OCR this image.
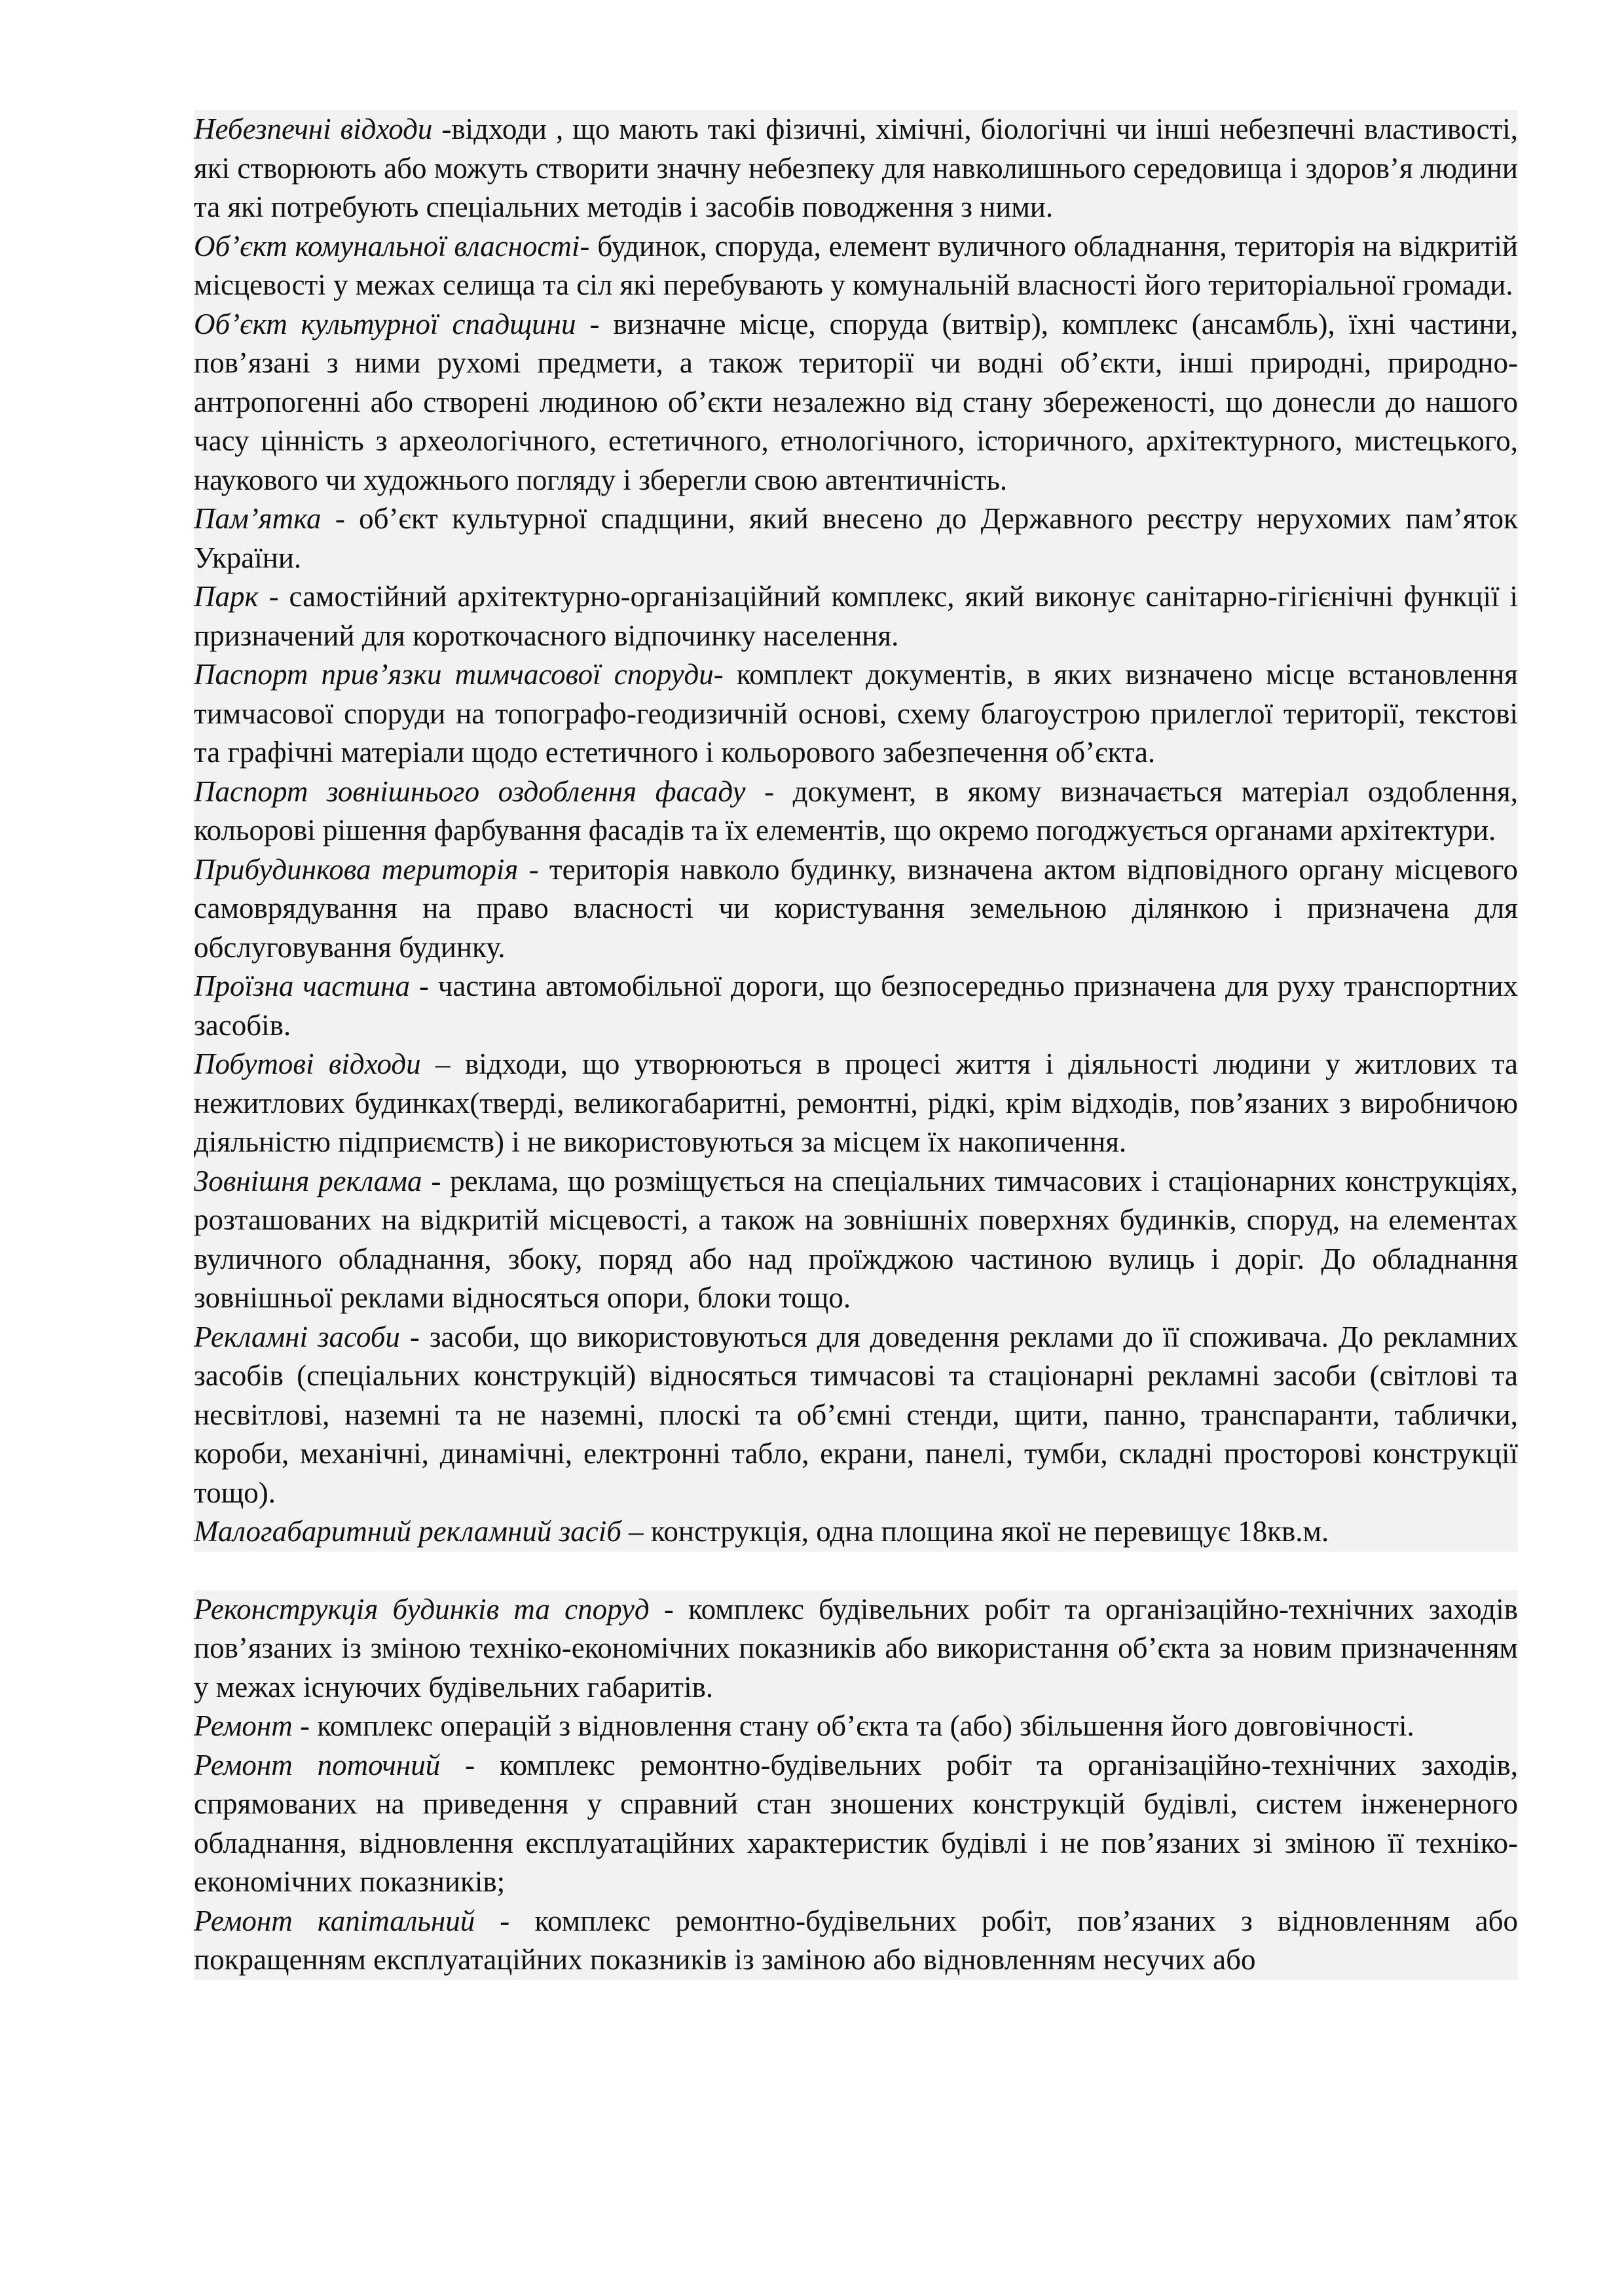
Небезпечні відходи -відходи , що мають такі фізичні, хімічні, біологічні чи інші небезпечні властивості, які створюють або можуть створити значну небезпеку для навколишнього середовища і здоров’я людини та які потребують спеціальних методів і засобів поводження з ними.

Об’єкт комунальної власності- будинок, споруда, елемент вуличного обладнання, територія на відкритій місцевості у межах селища та сіл які перебувають у комунальній власності його територіальної громади.

Об’єкт культурної спадщини - визначне місце, споруда (витвір), комплекс (ансамбль), їхні частини, пов’язані з ними рухомі предмети, а також території чи водні об’єкти, інші природні, природно-антропогенні або створені людиною об’єкти незалежно від стану збереженості, що донесли до нашого часу цінність з археологічного, естетичного, етнологічного, історичного, архітектурного, мистецького, наукового чи художнього погляду і зберегли свою автентичність.

Пам’ятка - об’єкт культурної спадщини, який внесено до Державного реєстру нерухомих пам’яток України.

Парк - самостійний архітектурно-організаційний комплекс, який виконує санітарно-гігієнічні функції і призначений для короткочасного відпочинку населення.

Паспорт прив’язки тимчасової споруди- комплект документів, в яких визначено місце встановлення тимчасової споруди на топографо-геодизичній основі, схему благоустрою прилеглої території, текстові та графічні матеріали щодо естетичного і кольорового забезпечення об’єкта.

Паспорт зовнішнього оздоблення фасаду - документ, в якому визначається матеріал оздоблення, кольорові рішення фарбування фасадів та їх елементів, що окремо погоджується органами архітектури.

Прибудинкова територія - територія навколо будинку, визначена актом відповідного органу місцевого самоврядування на право власності чи користування земельною ділянкою і призначена для обслуговування будинку.

Проїзна частина - частина автомобільної дороги, що безпосередньо призначена для руху транспортних засобів.

Побутові відходи – відходи, що утворюються в процесі життя і діяльності людини у житлових та нежитлових будинках(тверді, великогабаритні, ремонтні, рідкі, крім відходів, пов’язаних з виробничою діяльністю підприємств) і не використовуються за місцем їх накопичення.

Зовнішня реклама - реклама, що розміщується на спеціальних тимчасових і стаціонарних конструкціях, розташованих на відкритій місцевості, а також на зовнішніх поверхнях будинків, споруд, на елементах вуличного обладнання, збоку, поряд або над проїжджою частиною вулиць і доріг. До обладнання зовнішньої реклами відносяться опори, блоки тощо.

Рекламні засоби - засоби, що використовуються для доведення реклами до її споживача. До рекламних засобів (спеціальних конструкцій) відносяться тимчасові та стаціонарні рекламні засоби (світлові та несвітлові, наземні та не наземні, плоскі та об’ємні стенди, щити, панно, транспаранти, таблички, короби, механічні, динамічні, електронні табло, екрани, панелі, тумби, складні просторові конструкції тощо).

Малогабаритний рекламний засіб – конструкція, одна площина якої не перевищує 18кв.м.

Реконструкція будинків та споруд - комплекс будівельних робіт та організаційно-технічних заходів пов’язаних із зміною техніко-економічних показників або використання об’єкта за новим призначенням у межах існуючих будівельних габаритів.

Ремонт - комплекс операцій з відновлення стану об’єкта та (або) збільшення його довговічності.

Ремонт поточний - комплекс ремонтно-будівельних робіт та організаційно-технічних заходів, спрямованих на приведення у справний стан зношених конструкцій будівлі, систем інженерного обладнання, відновлення експлуатаційних характеристик будівлі і не пов’язаних зі зміною її техніко-економічних показників;

Ремонт капітальний - комплекс ремонтно-будівельних робіт, пов’язаних з відновленням або покращенням експлуатаційних показників із заміною або відновленням несучих або
